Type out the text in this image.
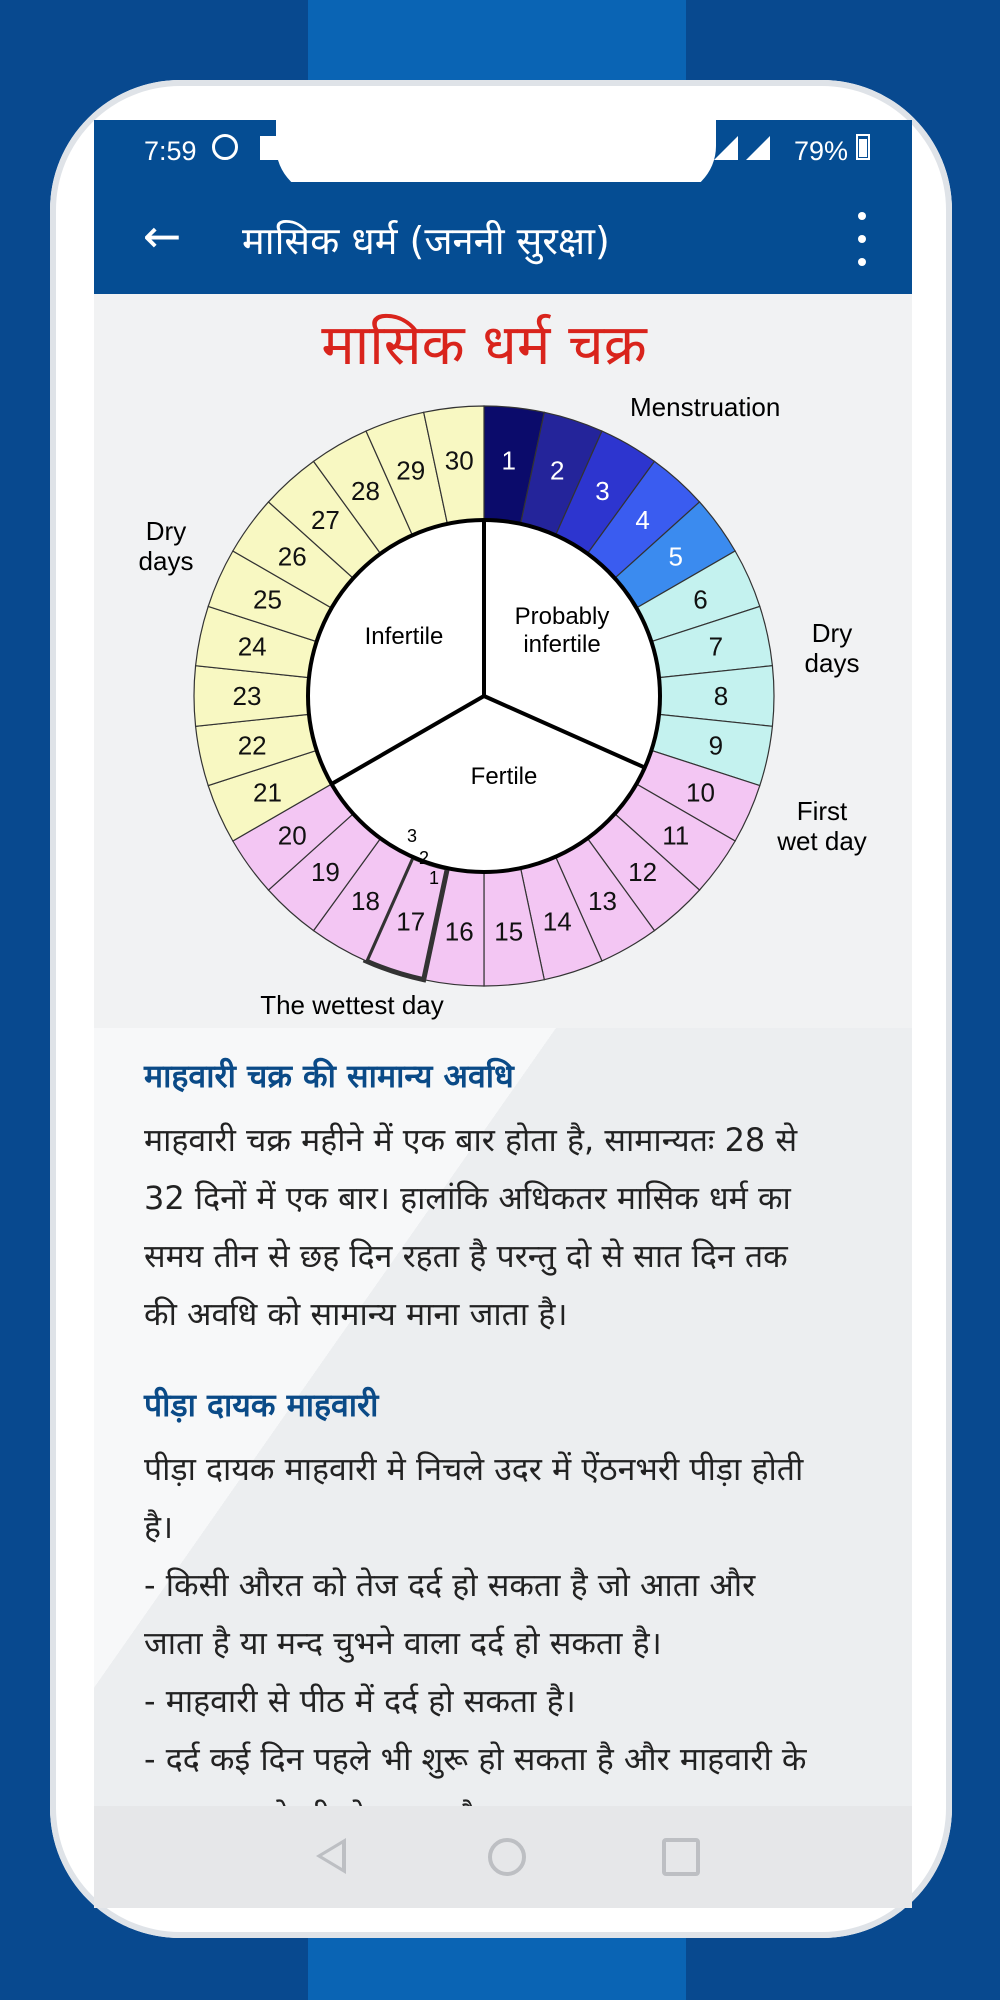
7:59	79%
←	मासिक धर्म (जननी सुरक्षा)
मासिक धर्म चक्र
1 2
3
4
5
6
7
8
9
10
11
12
13
14
15
16
17
18
19
20
21
22
23
24
25
26
27
28
29 30
1
2
3
Infertile
Probably
infertile
Fertile
Menstruation
Dry
days
Dry
days
First
wet day
The wettest day
माहवारी चक्र की सामान्य अवधि

माहवारी चक्र महीने में एक बार होता है, सामान्यतः 28 से
32 दिनों में एक बार। हालांकि अधिकतर मासिक धर्म का
समय तीन से छह दिन रहता है परन्तु दो से सात दिन तक
की अवधि को सामान्य माना जाता है।

पीड़ा दायक माहवारी

पीड़ा दायक माहवारी मे निचले उदर में ऐंठनभरी पीड़ा होती
है।
- किसी औरत को तेज दर्द हो सकता है जो आता और
जाता है या मन्द चुभने वाला दर्द हो सकता है।
- माहवारी से पीठ में दर्द हो सकता है।
- दर्द कई दिन पहले भी शुरू हो सकता है और माहवारी के
